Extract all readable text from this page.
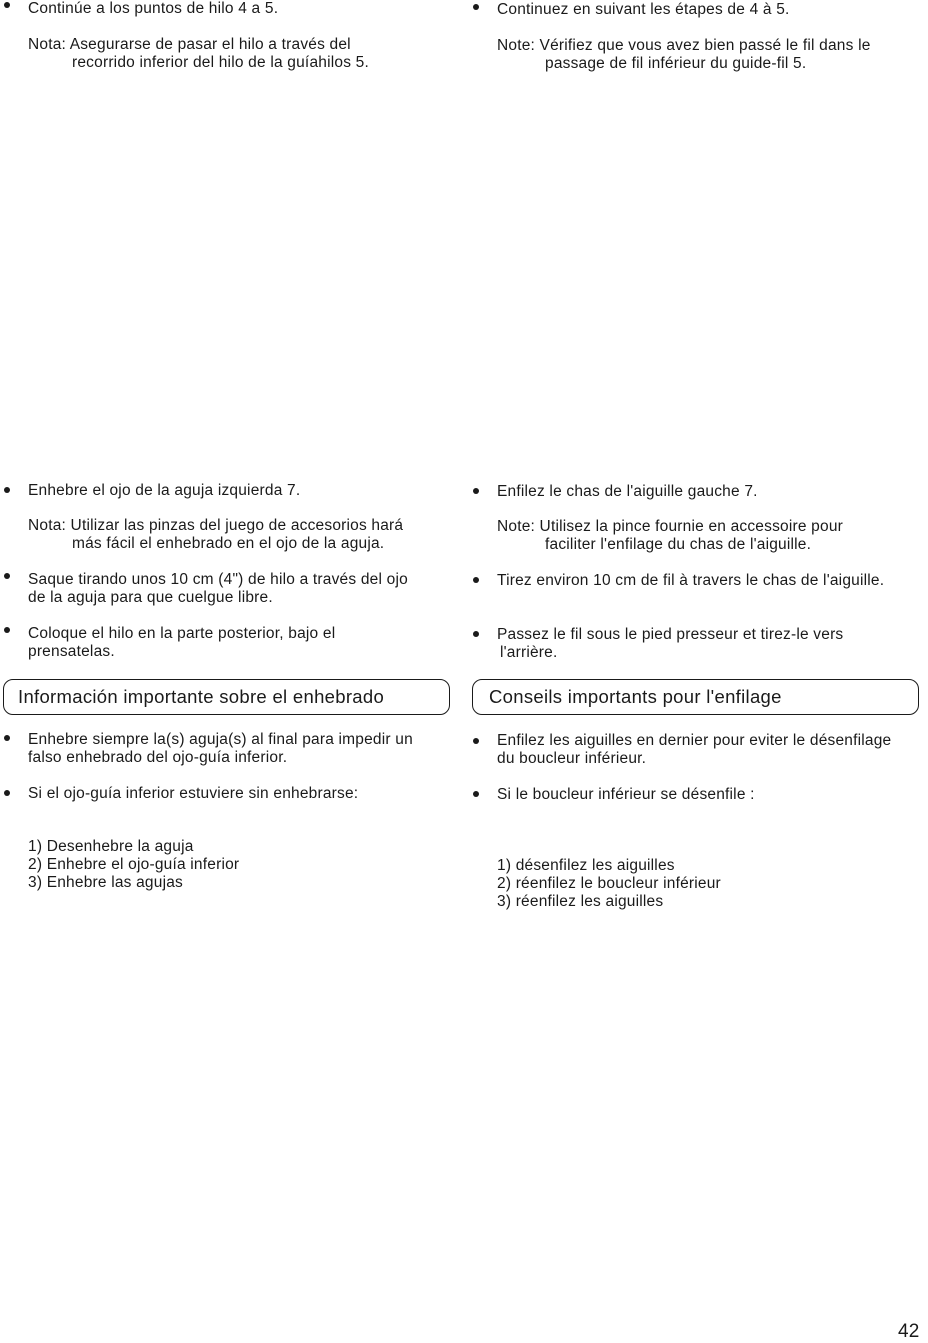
Continúe a los puntos de hilo 4 a 5.
Nota: Asegurarse de pasar el hilo a través del
recorrido inferior del hilo de la guíahilos 5.
Continuez en suivant les étapes de 4 à 5.
Note: Vérifiez que vous avez bien passé le fil dans le
passage de fil inférieur du guide-fil 5.
Enhebre el ojo de la aguja izquierda 7.
Nota: Utilizar las pinzas del juego de accesorios hará
más fácil el enhebrado en el ojo de la aguja.
Saque tirando unos 10 cm (4") de hilo a través del ojo
de la aguja para que cuelgue libre.
Coloque el hilo en la parte posterior, bajo el
prensatelas.
Enfilez le chas de l'aiguille gauche 7.
Note: Utilisez la pince fournie en accessoire pour
faciliter l'enfilage du chas de l'aiguille.
Tirez environ 10 cm de fil à travers le chas de l'aiguille.
Passez le fil sous le pied presseur et tirez-le vers
l'arrière.
Información importante sobre el enhebrado	Conseils importants pour l'enfilage
Enhebre siempre la(s) aguja(s) al final para impedir un
falso enhebrado del ojo-guía inferior.
Si el ojo-guía inferior estuviere sin enhebrarse:
1) Desenhebre la aguja
2) Enhebre el ojo-guía inferior
3) Enhebre las agujas
Enfilez les aiguilles en dernier pour eviter le désenfilage
du boucleur inférieur.
Si le boucleur inférieur se désenfile :
1) désenfilez les aiguilles
2) réenfilez le boucleur inférieur
3) réenfilez les aiguilles
42
